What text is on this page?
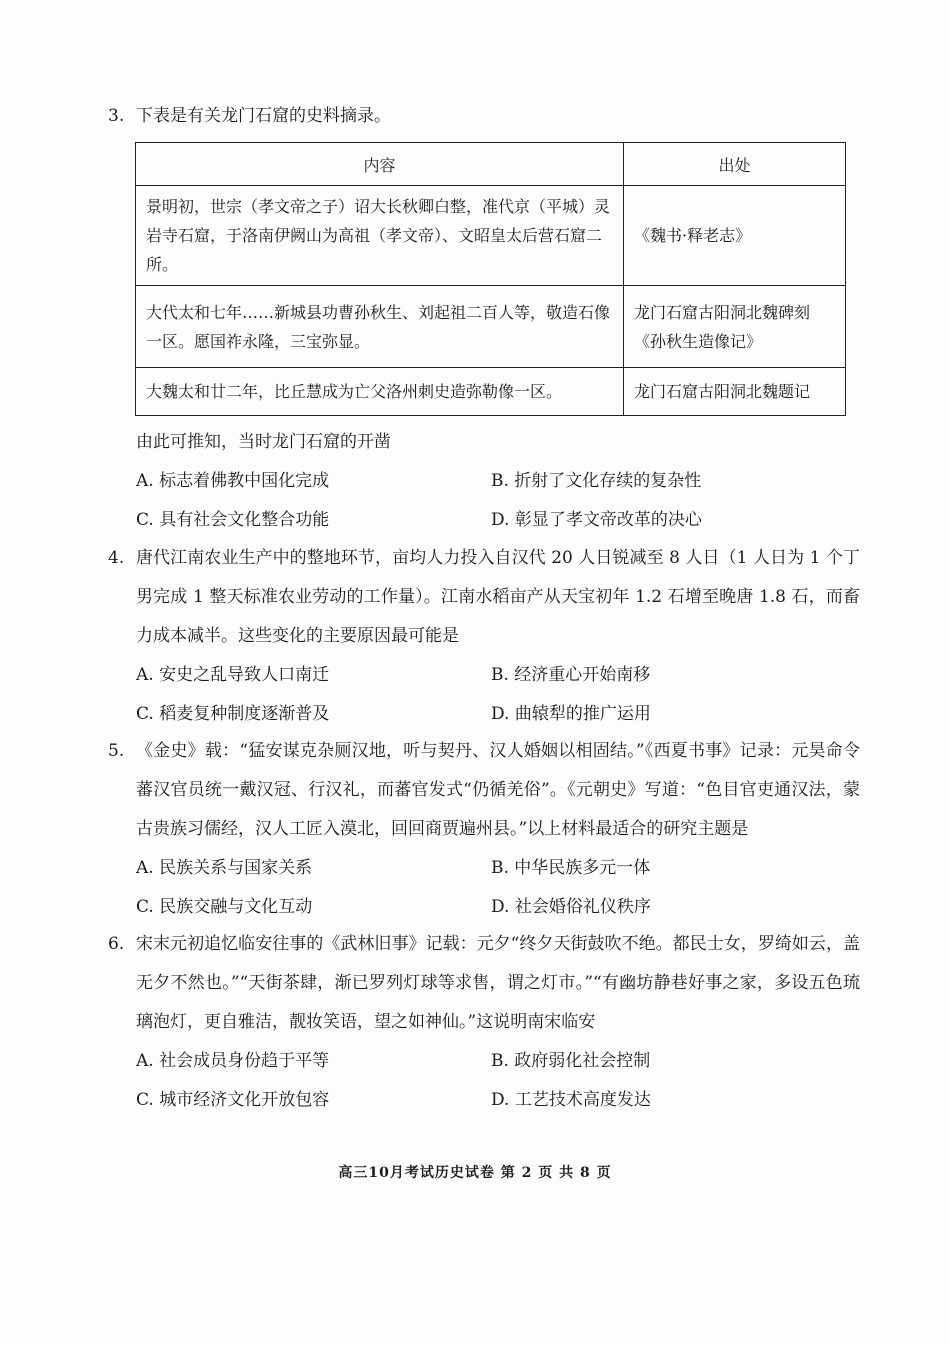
3. 下表是有关龙门石窟的史料摘录。
内容	出处
景明初，世宗（孝文帝之子）诏大长秋卿白整，准代京（平城）灵岩寺石窟，于洛南伊阙山为高祖（孝文帝）、文昭皇太后营石窟二所。	《魏书·释老志》
大代太和七年……新城县功曹孙秋生、刘起祖二百人等，敬造石像一区。愿国祚永隆，三宝弥显。	龙门石窟古阳洞北魏碑刻《孙秋生造像记》
大魏太和廿二年，比丘慧成为亡父洛州刺史造弥勒像一区。	龙门石窟古阳洞北魏题记
由此可推知，当时龙门石窟的开凿
A. 标志着佛教中国化完成	B. 折射了文化存续的复杂性
C. 具有社会文化整合功能	D. 彰显了孝文帝改革的决心
4. 唐代江南农业生产中的整地环节，亩均人力投入自汉代 20 人日锐减至 8 人日（1 人日为 1 个丁男完成 1 整天标准农业劳动的工作量）。江南水稻亩产从天宝初年 1.2 石增至晚唐 1.8 石，而畜力成本减半。这些变化的主要原因最可能是
A. 安史之乱导致人口南迁	B. 经济重心开始南移
C. 稻麦复种制度逐渐普及	D. 曲辕犁的推广运用
5. 《金史》载：“猛安谋克杂厕汉地，听与契丹、汉人婚姻以相固结。”《西夏书事》记录：元昊命令蕃汉官员统一戴汉冠、行汉礼，而蕃官发式“仍循羌俗”。《元朝史》写道：“色目官吏通汉法，蒙古贵族习儒经，汉人工匠入漠北，回回商贾遍州县。”以上材料最适合的研究主题是
A. 民族关系与国家关系	B. 中华民族多元一体
C. 民族交融与文化互动	D. 社会婚俗礼仪秩序
6. 宋末元初追忆临安往事的《武林旧事》记载：元夕“终夕天街鼓吹不绝。都民士女，罗绮如云，盖无夕不然也。”“天街茶肆，渐已罗列灯球等求售，谓之灯市。”“有幽坊静巷好事之家，多设五色琉璃泡灯，更自雅洁，靓妆笑语，望之如神仙。”这说明南宋临安
A. 社会成员身份趋于平等	B. 政府弱化社会控制
C. 城市经济文化开放包容	D. 工艺技术高度发达
高三10月考试历史试卷 第 2 页 共 8 页
